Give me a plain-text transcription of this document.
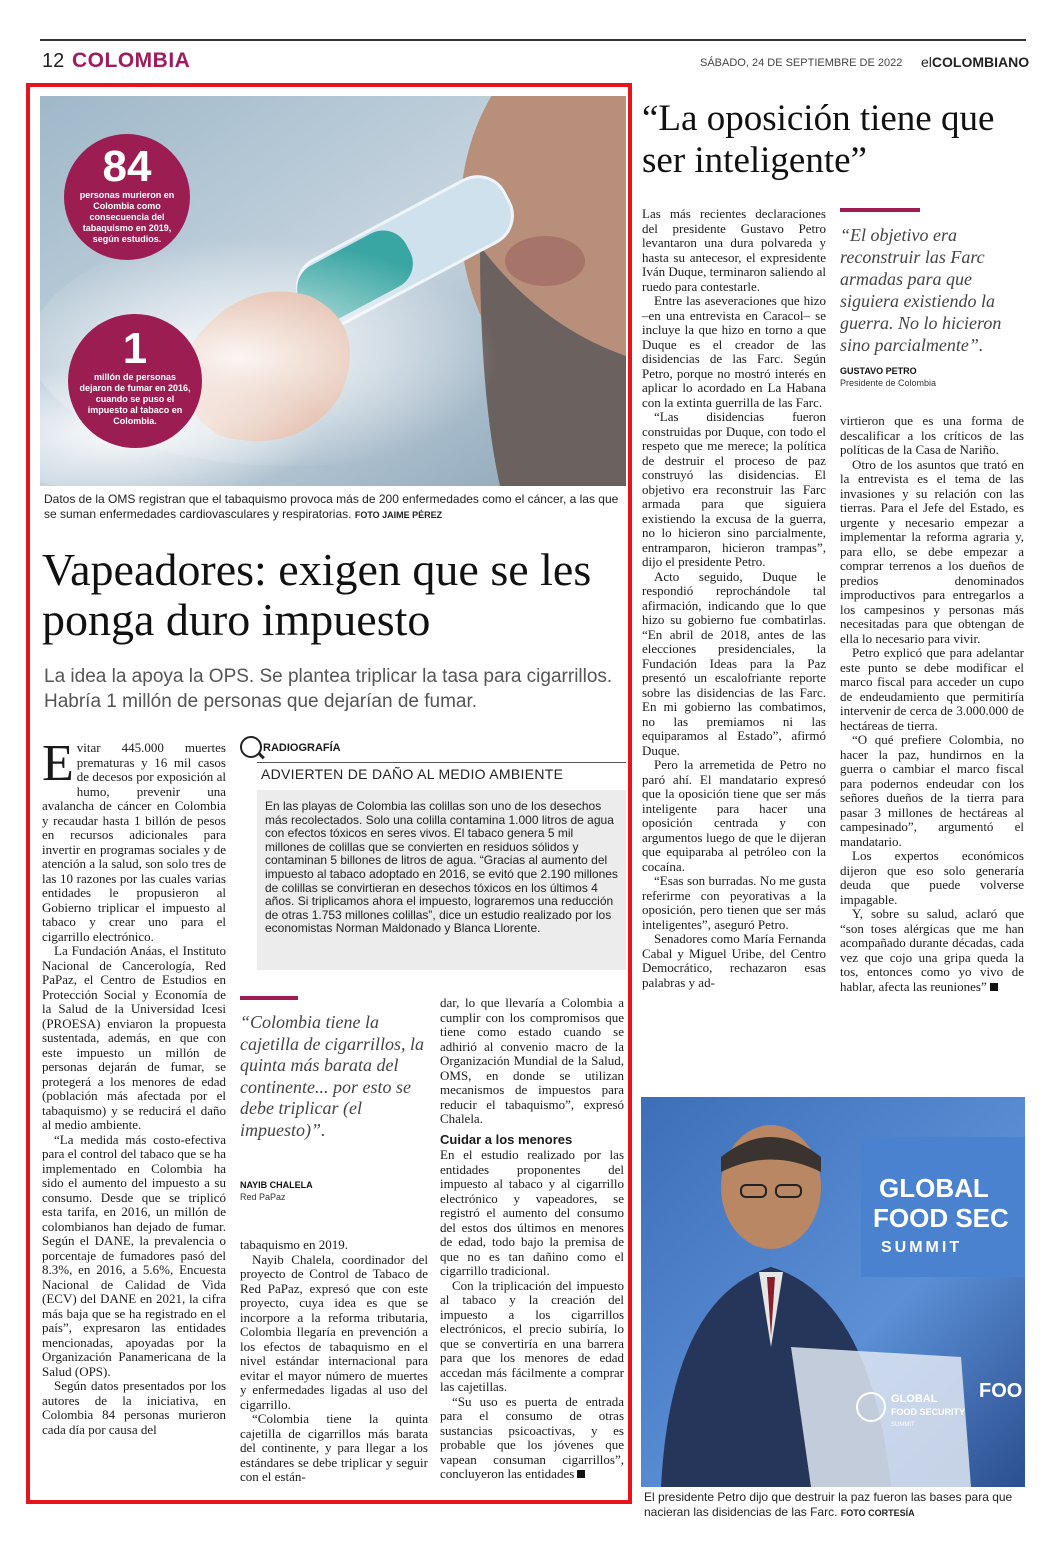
12 COLOMBIA	SÁBADO, 24 DE SEPTIEMBRE DE 2022 elCOLOMBIANO
84
personas murieron en Colombia como consecuencia del tabaquismo en 2019, según estudios.
1
millón de personas dejaron de fumar en 2016, cuando se puso el impuesto al tabaco en Colombia.
Datos de la OMS registran que el tabaquismo provoca más de 200 enfermedades como el cáncer, a las que se suman enfermedades cardiovasculares y respiratorias. FOTO JAIME PÉREZ
Vapeadores: exigen que se les ponga duro impuesto
La idea la apoya la OPS. Se plantea triplicar la tasa para cigarrillos. Habría 1 millón de personas que dejarían de fumar.

Evitar 445.000 muertes prematuras y 16 mil casos de decesos por exposición al humo, prevenir una avalancha de cáncer en Colombia y recaudar hasta 1 billón de pesos en recursos adicionales para invertir en programas sociales y de atención a la salud, son solo tres de las 10 razones por las cuales varias entidades le propusieron al Gobierno triplicar el impuesto al tabaco y crear uno para el cigarrillo electrónico.

La Fundación Anáas, el Instituto Nacional de Cancerología, Red PaPaz, el Centro de Estudios en Protección Social y Economía de la Salud de la Universidad Icesi (PROESA) enviaron la propuesta sustentada, además, en que con este impuesto un millón de personas dejarán de fumar, se protegerá a los menores de edad (población más afectada por el tabaquismo) y se reducirá el daño al medio ambiente.

“La medida más costo-efectiva para el control del tabaco que se ha implementado en Colombia ha sido el aumento del impuesto a su consumo. Desde que se triplicó esta tarifa, en 2016, un millón de colombianos han dejado de fumar. Según el DANE, la prevalencia o porcentaje de fumadores pasó del 8.3%, en 2016, a 5.6%, Encuesta Nacional de Calidad de Vida (ECV) del DANE en 2021, la cifra más baja que se ha registrado en el país”, expresaron las entidades mencionadas, apoyadas por la Organización Panamericana de la Salud (OPS).

Según datos presentados por los autores de la iniciativa, en Colombia 84 personas murieron cada día por causa del

RADIOGRAFÍA
ADVIERTEN DE DAÑO AL MEDIO AMBIENTE
En las playas de Colombia las colillas son uno de los desechos más recolectados. Solo una colilla contamina 1.000 litros de agua con efectos tóxicos en seres vivos. El tabaco genera 5 mil millones de colillas que se convierten en residuos sólidos y contaminan 5 billones de litros de agua. “Gracias al aumento del impuesto al tabaco adoptado en 2016, se evitó que 2.190 millones de colillas se convirtieran en desechos tóxicos en los últimos 4 años. Si triplicamos ahora el impuesto, lograremos una reducción de otras 1.753 millones colillas”, dice un estudio realizado por los economistas Norman Maldonado y Blanca Llorente.
“Colombia tiene la cajetilla de cigarrillos, la quinta más barata del continente... por esto se debe triplicar (el impuesto)”.
NAYIB CHALELA
Red PaPaz

tabaquismo en 2019.

Nayib Chalela, coordinador del proyecto de Control de Tabaco de Red PaPaz, expresó que con este proyecto, cuya idea es que se incorpore a la reforma tributaria, Colombia llegaría en prevención a los efectos de tabaquismo en el nivel estándar internacional para evitar el mayor número de muertes y enfermedades ligadas al uso del cigarrillo.

“Colombia tiene la quinta cajetilla de cigarrillos más barata del continente, y para llegar a los estándares se debe triplicar y seguir con el están-

dar, lo que llevaría a Colombia a cumplir con los compromisos que tiene como estado cuando se adhirió al convenio macro de la Organización Mundial de la Salud, OMS, en donde se utilizan mecanismos de impuestos para reducir el tabaquismo”, expresó Chalela.

Cuidar a los menores

En el estudio realizado por las entidades proponentes del impuesto al tabaco y al cigarrillo electrónico y vapeadores, se registró el aumento del consumo del estos dos últimos en menores de edad, todo bajo la premisa de que no es tan dañino como el cigarrillo tradicional.

Con la triplicación del impuesto al tabaco y la creación del impuesto a los cigarrillos electrónicos, el precio subiría, lo que se convertiría en una barrera para que los menores de edad accedan más fácilmente a comprar las cajetillas.

“Su uso es puerta de entrada para el consumo de otras sustancias psicoactivas, y es probable que los jóvenes que vapean consuman cigarrillos”, concluyeron las entidades

“La oposición tiene que ser inteligente”

Las más recientes declaraciones del presidente Gustavo Petro levantaron una dura polvareda y hasta su antecesor, el expresidente Iván Duque, terminaron saliendo al ruedo para contestarle.

Entre las aseveraciones que hizo –en una entrevista en Caracol– se incluye la que hizo en torno a que Duque es el creador de las disidencias de las Farc. Según Petro, porque no mostró interés en aplicar lo acordado en La Habana con la extinta guerrilla de las Farc.

“Las disidencias fueron construidas por Duque, con todo el respeto que me merece; la política de destruir el proceso de paz construyó las disidencias. El objetivo era reconstruir las Farc armada para que siguiera existiendo la excusa de la guerra, no lo hicieron sino parcialmente, entramparon, hicieron trampas”, dijo el presidente Petro.

Acto seguido, Duque le respondió reprochándole tal afirmación, indicando que lo que hizo su gobierno fue combatirlas. “En abril de 2018, antes de las elecciones presidenciales, la Fundación Ideas para la Paz presentó un escalofriante reporte sobre las disidencias de las Farc. En mi gobierno las combatimos, no las premiamos ni las equiparamos al Estado”, afirmó Duque.

Pero la arremetida de Petro no paró ahí. El mandatario expresó que la oposición tiene que ser más inteligente para hacer una oposición centrada y con argumentos luego de que le dijeran que equiparaba al petróleo con la cocaína.

“Esas son burradas. No me gusta referirme con peyorativas a la oposición, pero tienen que ser más inteligentes”, aseguró Petro.

Senadores como María Fernanda Cabal y Miguel Uribe, del Centro Democrático, rechazaron esas palabras y ad-

“El objetivo era reconstruir las Farc armadas para que siguiera existiendo la guerra. No lo hicieron sino parcialmente”.
GUSTAVO PETRO
Presidente de Colombia

virtieron que es una forma de descalificar a los críticos de las políticas de la Casa de Nariño.

Otro de los asuntos que trató en la entrevista es el tema de las invasiones y su relación con las tierras. Para el Jefe del Estado, es urgente y necesario empezar a implementar la reforma agraria y, para ello, se debe empezar a comprar terrenos a los dueños de predios denominados improductivos para entregarlos a los campesinos y personas más necesitadas para que obtengan de ella lo necesario para vivir.

Petro explicó que para adelantar este punto se debe modificar el marco fiscal para acceder un cupo de endeudamiento que permitiría intervenir de cerca de 3.000.000 de hectáreas de tierra.

“O qué prefiere Colombia, no hacer la paz, hundirnos en la guerra o cambiar el marco fiscal para podernos endeudar con los señores dueños de la tierra para pasar 3 millones de hectáreas al campesinado”, argumentó el mandatario.

Los expertos económicos dijeron que eso solo generaría deuda que puede volverse impagable.

Y, sobre su salud, aclaró que “son toses alérgicas que me han acompañado durante décadas, cada vez que cojo una gripa queda la tos, entonces como yo vivo de hablar, afecta las reuniones”

GLOBAL
FOOD SEC
SUMMIT
FOO
GLOBAL
FOOD SECURITY
SUMMIT
El presidente Petro dijo que destruir la paz fueron las bases para que nacieran las disidencias de las Farc. FOTO CORTESÍA
